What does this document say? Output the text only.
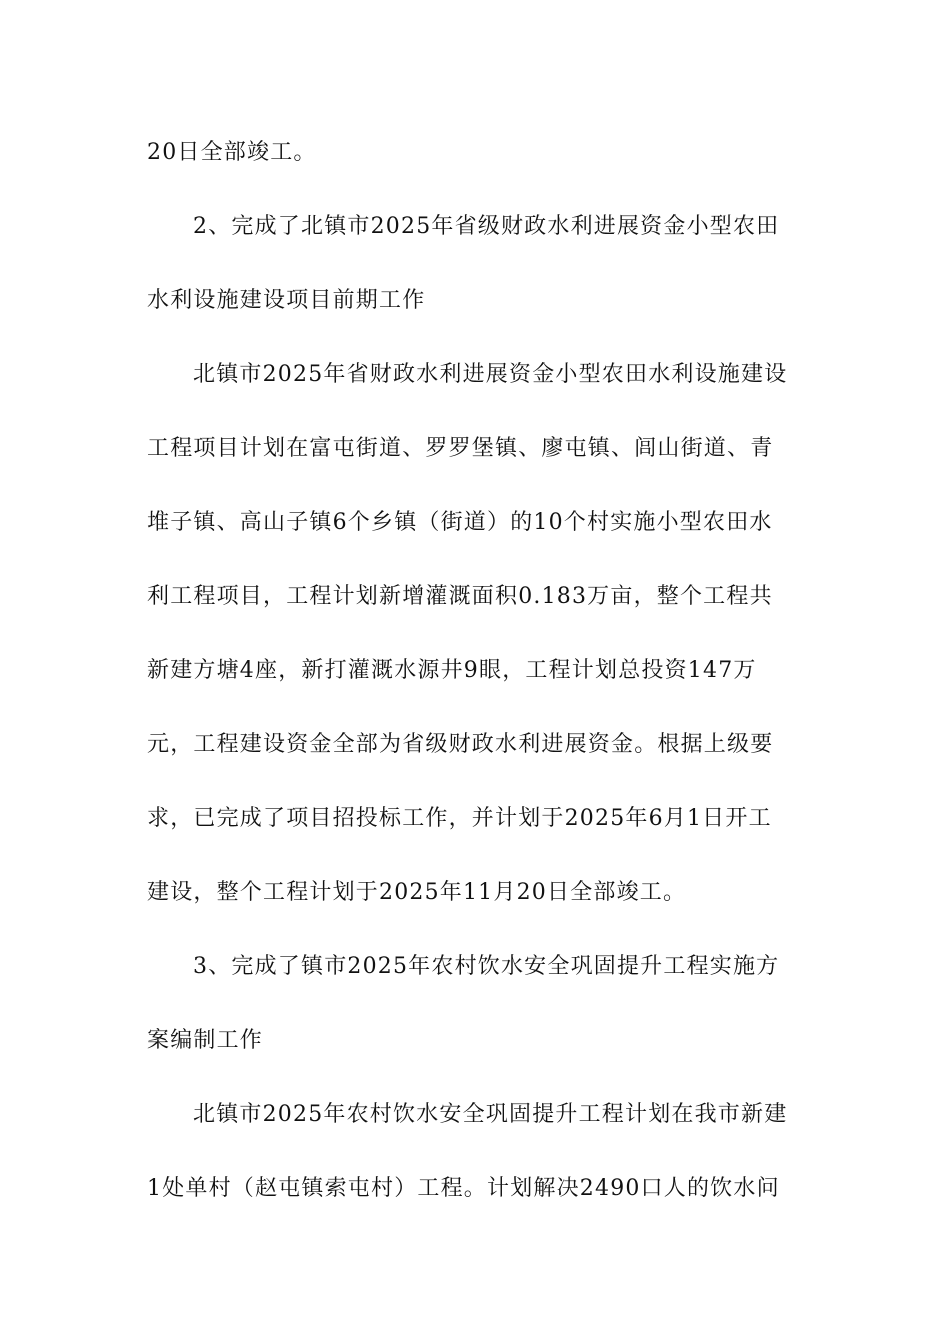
20日全部竣工。
2、完成了北镇市2025年省级财政水利进展资金小型农田
水利设施建设项目前期工作
北镇市2025年省财政水利进展资金小型农田水利设施建设
工程项目计划在富屯街道、罗罗堡镇、廖屯镇、闾山街道、青
堆子镇、高山子镇6个乡镇（街道）的10个村实施小型农田水
利工程项目，工程计划新增灌溉面积0.183万亩，整个工程共
新建方塘4座，新打灌溉水源井9眼，工程计划总投资147万
元，工程建设资金全部为省级财政水利进展资金。根据上级要
求，已完成了项目招投标工作，并计划于2025年6月1日开工
建设，整个工程计划于2025年11月20日全部竣工。
3、完成了镇市2025年农村饮水安全巩固提升工程实施方
案编制工作
北镇市2025年农村饮水安全巩固提升工程计划在我市新建
1处单村（赵屯镇索屯村）工程。计划解决2490口人的饮水问
